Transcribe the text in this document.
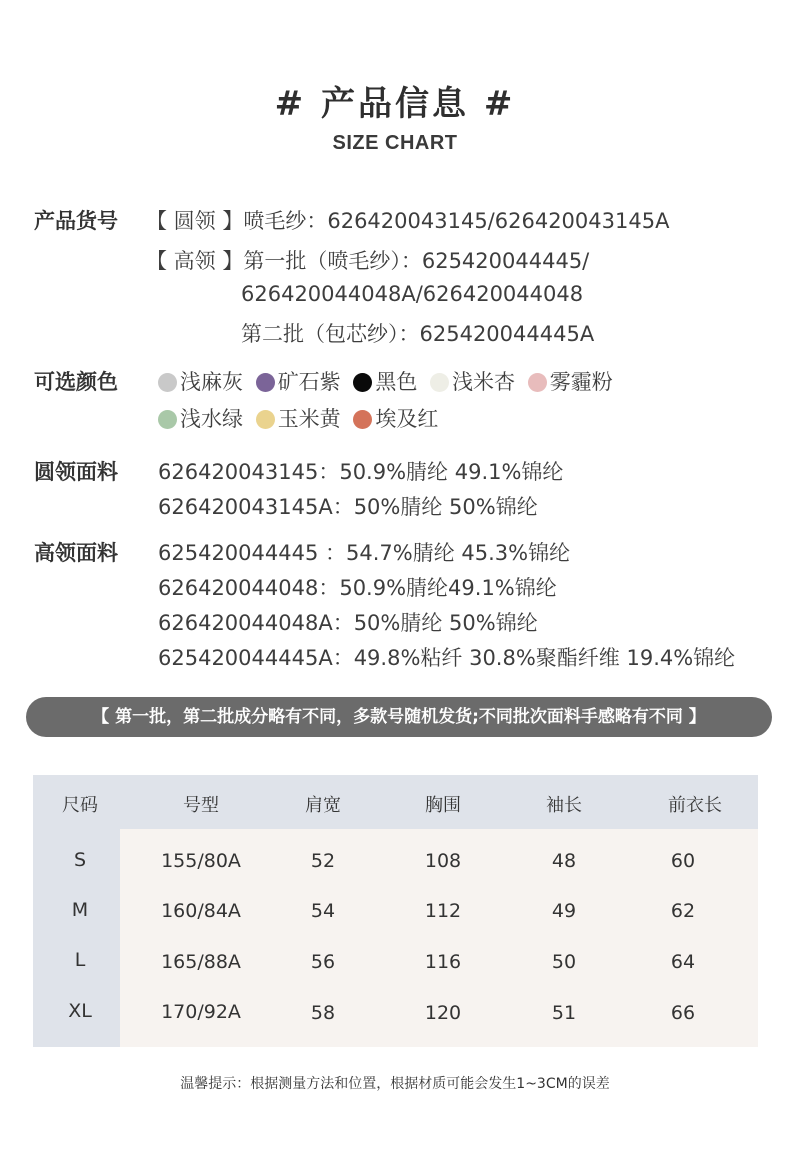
# 产品信息 #
SIZE CHART
产品货号 【 圆领 】喷毛纱：626420043145/626420043145A
【 高领 】第一批（喷毛纱）：625420044445/
626420044048A/626420044048
第二批（包芯纱）：625420044445A
可选颜色	浅麻灰 矿石紫 黑色 浅米杏 雾霾粉
浅水绿 玉米黄 埃及红
圆领面料 626420043145：50.9%腈纶 49.1%锦纶
626420043145A：50%腈纶 50%锦纶
高领面料 625420044445 ：54.7%腈纶 45.3%锦纶
626420044048：50.9%腈纶49.1%锦纶
626420044048A：50%腈纶 50%锦纶
625420044445A：49.8%粘纤 30.8%聚酯纤维 19.4%锦纶
【 第一批，第二批成分略有不同，多款号随机发货;不同批次面料手感略有不同 】
尺码	号型	肩宽	胸围	袖长	前衣长
S	155/80A	52	108	48	60
M	160/84A	54	112	49	62
L	165/88A	56	116	50	64
XL	170/92A	58	120	51	66
温馨提示：根据测量方法和位置，根据材质可能会发生1~3CM的误差
